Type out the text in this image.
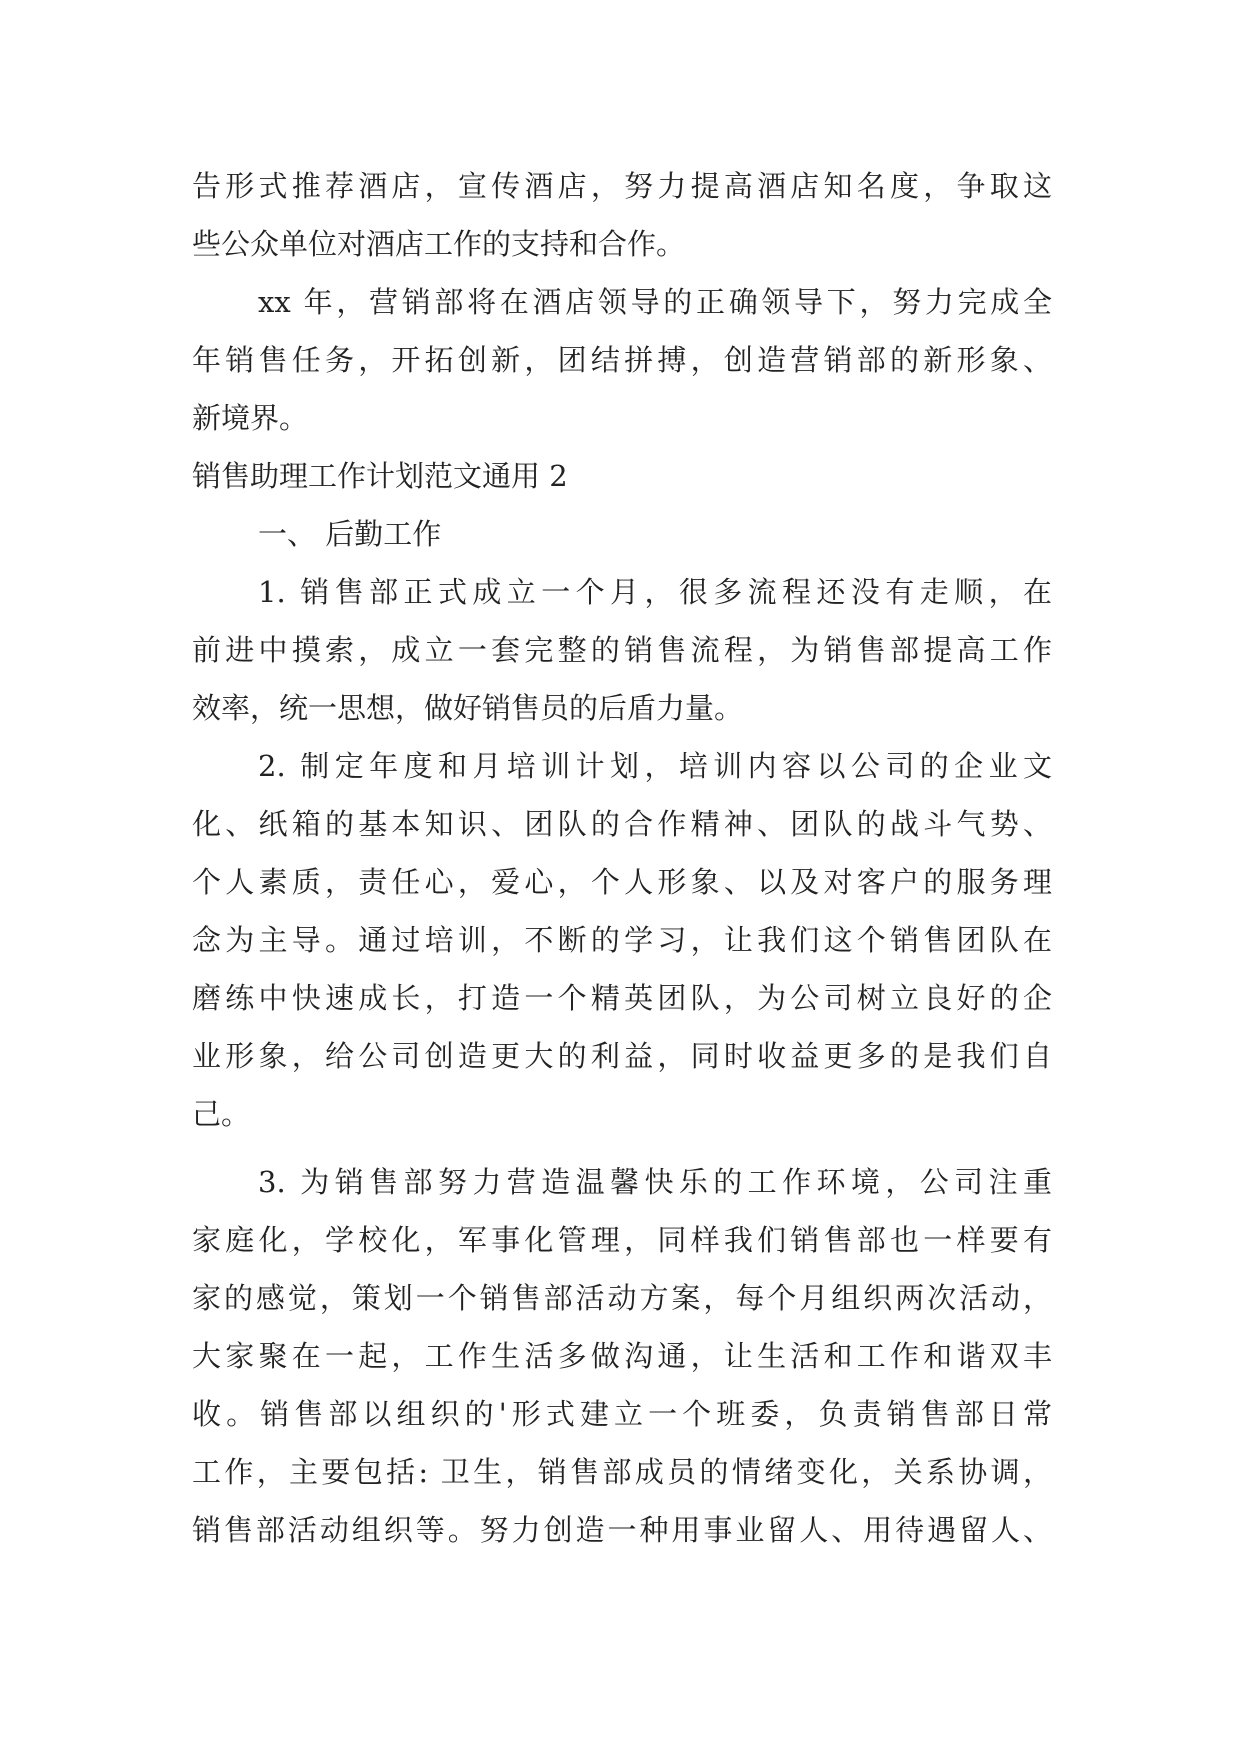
告形式推荐酒店，宣传酒店，努力提高酒店知名度，争取这
些公众单位对酒店工作的支持和合作。
xx 年，营销部将在酒店领导的正确领导下，努力完成全
年销售任务，开拓创新，团结拼搏，创造营销部的新形象、
新境界。
销售助理工作计划范文通用 2
一、 后勤工作
1. 销售部正式成立一个月，很多流程还没有走顺，在
前进中摸索，成立一套完整的销售流程，为销售部提高工作
效率，统一思想，做好销售员的后盾力量。
2. 制定年度和月培训计划，培训内容以公司的企业文
化、纸箱的基本知识、团队的合作精神、团队的战斗气势、
个人素质，责任心，爱心，个人形象、以及对客户的服务理
念为主导。通过培训，不断的学习，让我们这个销售团队在
磨练中快速成长，打造一个精英团队，为公司树立良好的企
业形象，给公司创造更大的利益，同时收益更多的是我们自
己。
3. 为销售部努力营造温馨快乐的工作环境，公司注重
家庭化，学校化，军事化管理，同样我们销售部也一样要有
家的感觉，策划一个销售部活动方案，每个月组织两次活动，
大家聚在一起，工作生活多做沟通，让生活和工作和谐双丰
收。销售部以组织的'形式建立一个班委，负责销售部日常
工作，主要包括: 卫生，销售部成员的情绪变化，关系协调，
销售部活动组织等。努力创造一种用事业留人、用待遇留人、
